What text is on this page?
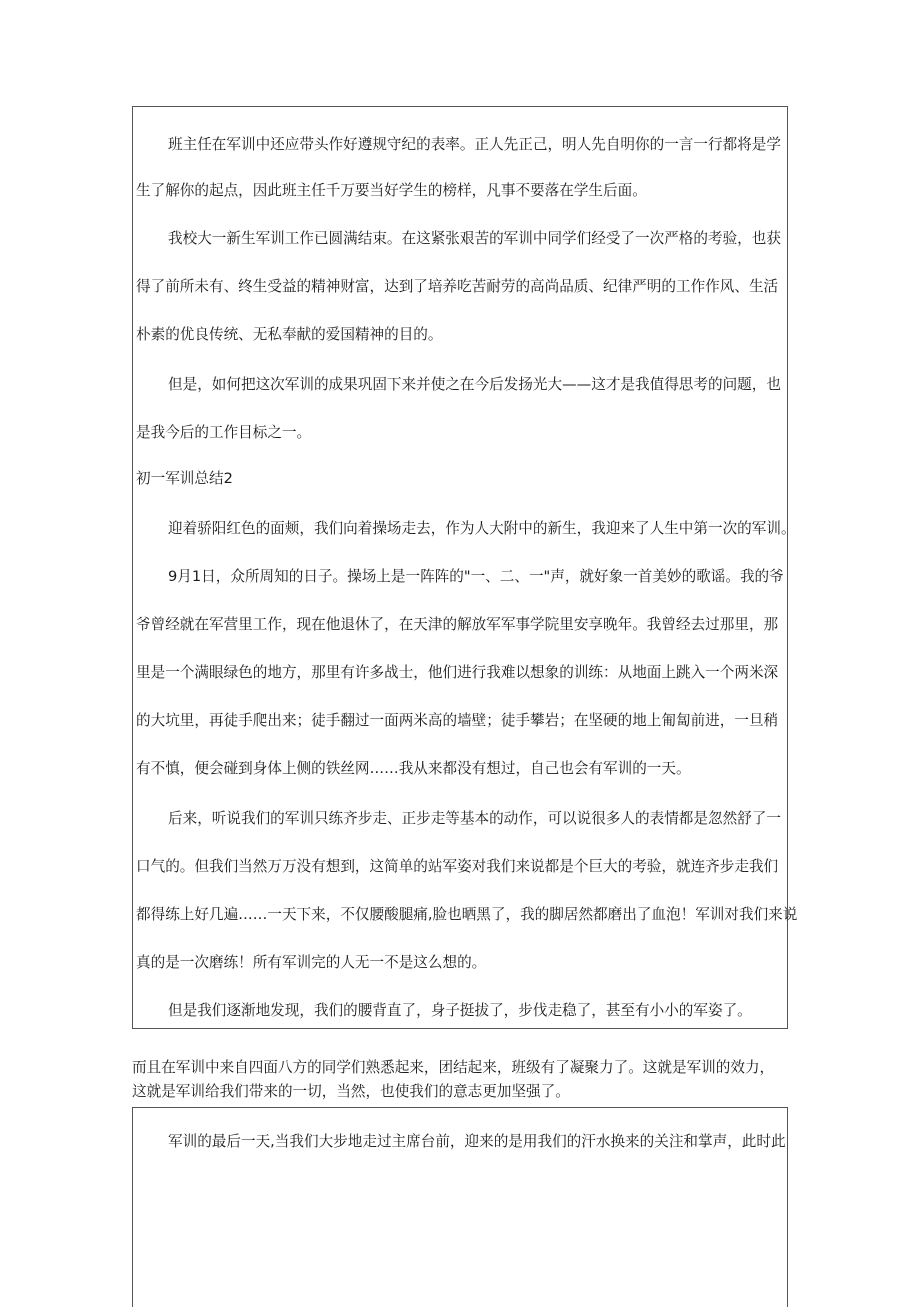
班主任在军训中还应带头作好遵规守纪的表率。正人先正己，明人先自明你的一言一行都将是学
生了解你的起点，因此班主任千万要当好学生的榜样，凡事不要落在学生后面。
我校大一新生军训工作已圆满结束。在这紧张艰苦的军训中同学们经受了一次严格的考验，也获
得了前所未有、终生受益的精神财富，达到了培养吃苦耐劳的高尚品质、纪律严明的工作作风、生活
朴素的优良传统、无私奉献的爱国精神的目的。
但是，如何把这次军训的成果巩固下来并使之在今后发扬光大——这才是我值得思考的问题，也
是我今后的工作目标之一。
初一军训总结2
迎着骄阳红色的面颊，我们向着操场走去，作为人大附中的新生，我迎来了人生中第一次的军训。
9月1日，众所周知的日子。操场上是一阵阵的"一、二、一"声，就好象一首美妙的歌谣。我的爷
爷曾经就在军营里工作，现在他退休了，在天津的解放军军事学院里安享晚年。我曾经去过那里，那
里是一个满眼绿色的地方，那里有许多战士，他们进行我难以想象的训练：从地面上跳入一个两米深
的大坑里，再徒手爬出来；徒手翻过一面两米高的墙壁；徒手攀岩；在坚硬的地上匍匐前进，一旦稍
有不慎，便会碰到身体上侧的铁丝网……我从来都没有想过，自己也会有军训的一天。
后来，听说我们的军训只练齐步走、正步走等基本的动作，可以说很多人的表情都是忽然舒了一
口气的。但我们当然万万没有想到，这简单的站军姿对我们来说都是个巨大的考验，就连齐步走我们
都得练上好几遍……一天下来，不仅腰酸腿痛,脸也晒黑了，我的脚居然都磨出了血泡！军训对我们来说
真的是一次磨练！所有军训完的人无一不是这么想的。
但是我们逐渐地发现，我们的腰背直了，身子挺拔了，步伐走稳了，甚至有小小的军姿了。
而且在军训中来自四面八方的同学们熟悉起来，团结起来，班级有了凝聚力了。这就是军训的效力，
这就是军训给我们带来的一切，当然，也使我们的意志更加坚强了。
军训的最后一天,当我们大步地走过主席台前，迎来的是用我们的汗水换来的关注和掌声，此时此
